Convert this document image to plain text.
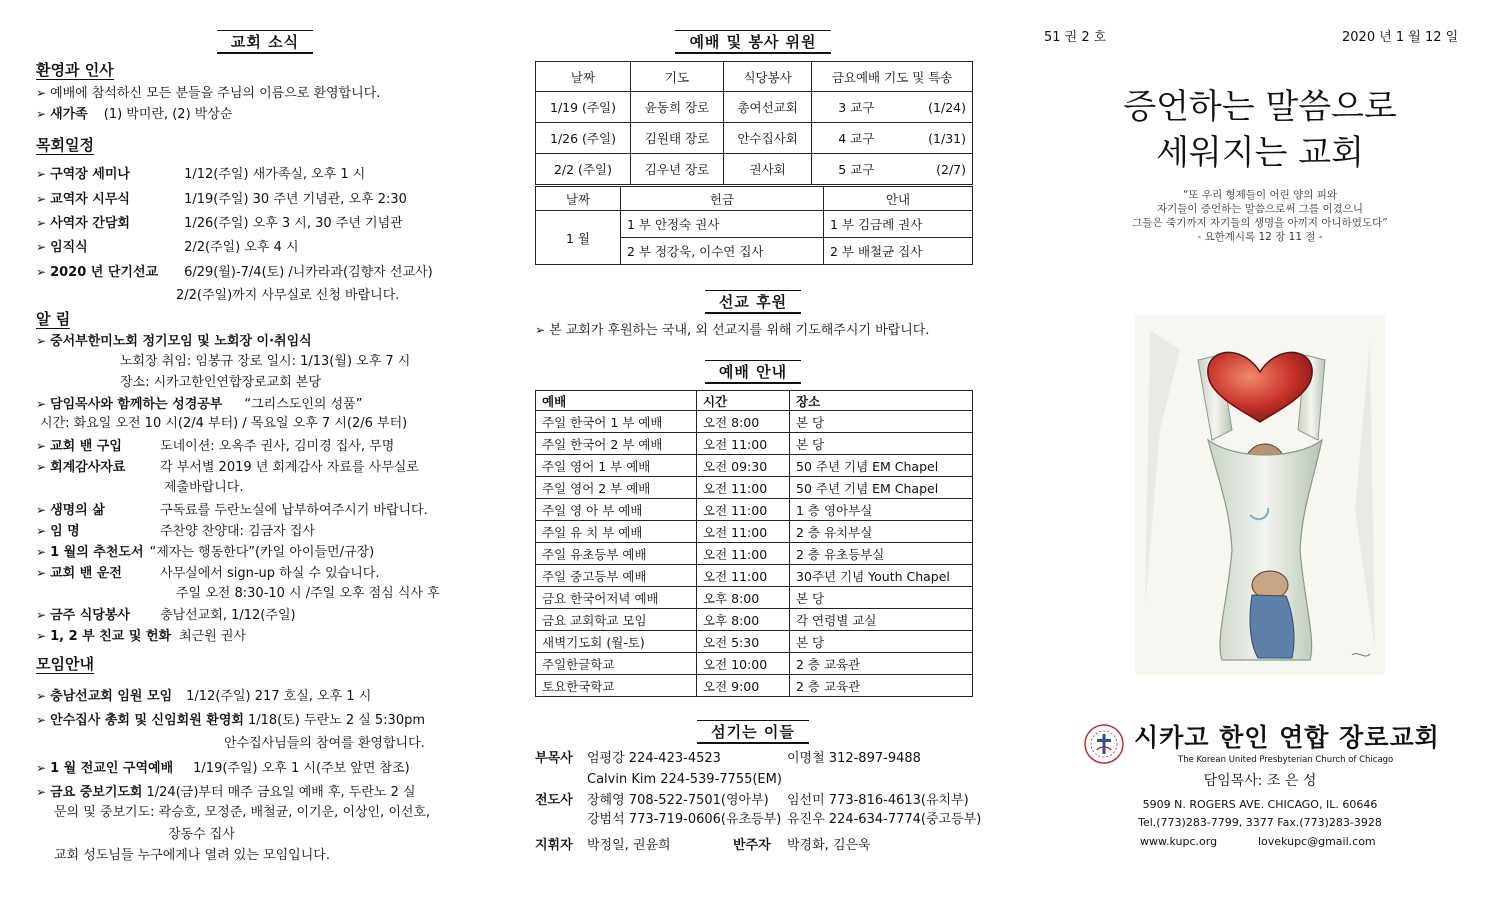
교회 소식
환영과 인사
➢ 예배에 참석하신 모든 분들을 주님의 이름으로 환영합니다.
➢ 새가족 (1) 박미란, (2) 박상순
목회일정
➢ 구역장 세미나	1/12(주일) 새가족실, 오후 1 시
➢ 교역자 시무식	1/19(주일) 30 주년 기념관, 오후 2:30
➢ 사역자 간담회	1/26(주일) 오후 3 시, 30 주년 기념관
➢ 임직식	2/2(주일) 오후 4 시
➢ 2020 년 단기선교 6/29(월)-7/4(토) /니카라과(김향자 선교사)
2/2(주일)까지 사무실로 신청 바랍니다.
알 림
➢ 중서부한미노회 정기모임 및 노회장 이·취임식
노회장 취임: 임봉규 장로 일시: 1/13(월) 오후 7 시
장소: 시카고한인연합장로교회 본당
➢ 담임목사와 함께하는 성경공부 “그리스도인의 성품”
시간: 화요일 오전 10 시(2/4 부터) / 목요일 오후 7 시(2/6 부터)
➢ 교회 밴 구입	도네이션: 오옥주 권사, 김미경 집사, 무명
➢ 회계감사자료	각 부서별 2019 년 회계감사 자료를 사무실로
제출바랍니다.
➢ 생명의 삶	구독료를 두란노실에 납부하여주시기 바랍니다.
➢ 임 명	주찬양 찬양대: 김금자 집사
➢ 1 월의 추천도서 “제자는 행동한다”(카일 아이들먼/규장)
➢ 교회 밴 운전	사무실에서 sign-up 하실 수 있습니다.
주일 오전 8:30-10 시 /주일 오후 점심 식사 후
➢ 금주 식당봉사 충남선교회, 1/12(주일)
➢ 1, 2 부 친교 및 헌화 최근원 권사
모임안내
➢ 충남선교회 임원 모임 1/12(주일) 217 호실, 오후 1 시
➢ 안수집사 총회 및 신임회원 환영회 1/18(토) 두란노 2 실 5:30pm
안수집사님들의 참여를 환영합니다.
➢ 1 월 전교인 구역예배 1/19(주일) 오후 1 시(주보 앞면 참조)
➢ 금요 중보기도회 1/24(금)부터 매주 금요일 예배 후, 두란노 2 실
문의 및 중보기도: 곽승호, 모정준, 배철균, 이기운, 이상인, 이선호,
장동수 집사
교회 성도님들 누구에게나 열려 있는 모임입니다.
예배 및 봉사 위원
날짜	기도	식당봉사	금요예배 기도 및 특송	
1/19 (주일)	윤동희 장로	총여선교회	3 교구	(1/24)
1/26 (주일)	김원태 장로	안수집사회	4 교구	(1/31)
2/2 (주일)	김우년 장로	권사회	5 교구	(2/7)
날짜	헌금	안내
1 월	1 부 안정숙 권사	1 부 김금례 권사
	2 부 정강욱, 이수연 집사	2 부 배철균 집사
선교 후원
➢ 본 교회가 후원하는 국내, 외 선교지를 위해 기도해주시기 바랍니다.
예배 안내
예배	시간	장소
주일 한국어 1 부 예배	오전 8:00	본 당
주일 한국어 2 부 예배	오전 11:00	본 당
주일 영어 1 부 예배	오전 09:30	50 주년 기념 EM Chapel
주일 영어 2 부 예배	오전 11:00	50 주년 기념 EM Chapel
주일 영 아 부 예배	오전 11:00	1 층 영아부실
주일 유 치 부 예배	오전 11:00	2 층 유치부실
주일 유초등부 예배	오전 11:00	2 층 유초등부실
주일 중고등부 예배	오전 11:00	30주년 기념 Youth Chapel
금요 한국어저녁 예배	오후 8:00	본 당
금요 교회학교 모임	오후 8:00	각 연령별 교실
새벽기도회 (월-토)	오전 5:30	본 당
주일한글학교	오전 10:00	2 층 교육관
토요한국학교	오전 9:00	2 층 교육관
섬기는 이들
부목사 엄평강 224-423-4523	이명철 312-897-9488
Calvin Kim 224-539-7755(EM)
전도사 장혜영 708-522-7501(영아부) 임선미 773-816-4613(유치부)
강범석 773-719-0606(유초등부) 유진우 224-634-7774(중고등부)
지휘자 박정일, 권윤희	반주자 박경화, 김은욱
51 권 2 호	2020 년 1 월 12 일
증언하는 말씀으로
세워지는 교회
“또 우리 형제들이 어린 양의 피와
자기들이 증언하는 말씀으로써 그를 이겼으니
그들은 죽기까지 자기들의 생명을 아끼지 아니하였도다”
- 요한계시록 12 장 11 절 -
시카고 한인 연합 장로교회
The Korean United Presbyterian Church of Chicago
담임목사: 조 은 성
5909 N. ROGERS AVE. CHICAGO, IL. 60646
Tel.(773)283-7799, 3377 Fax.(773)283-3928
www.kupc.org	lovekupc@gmail.com
